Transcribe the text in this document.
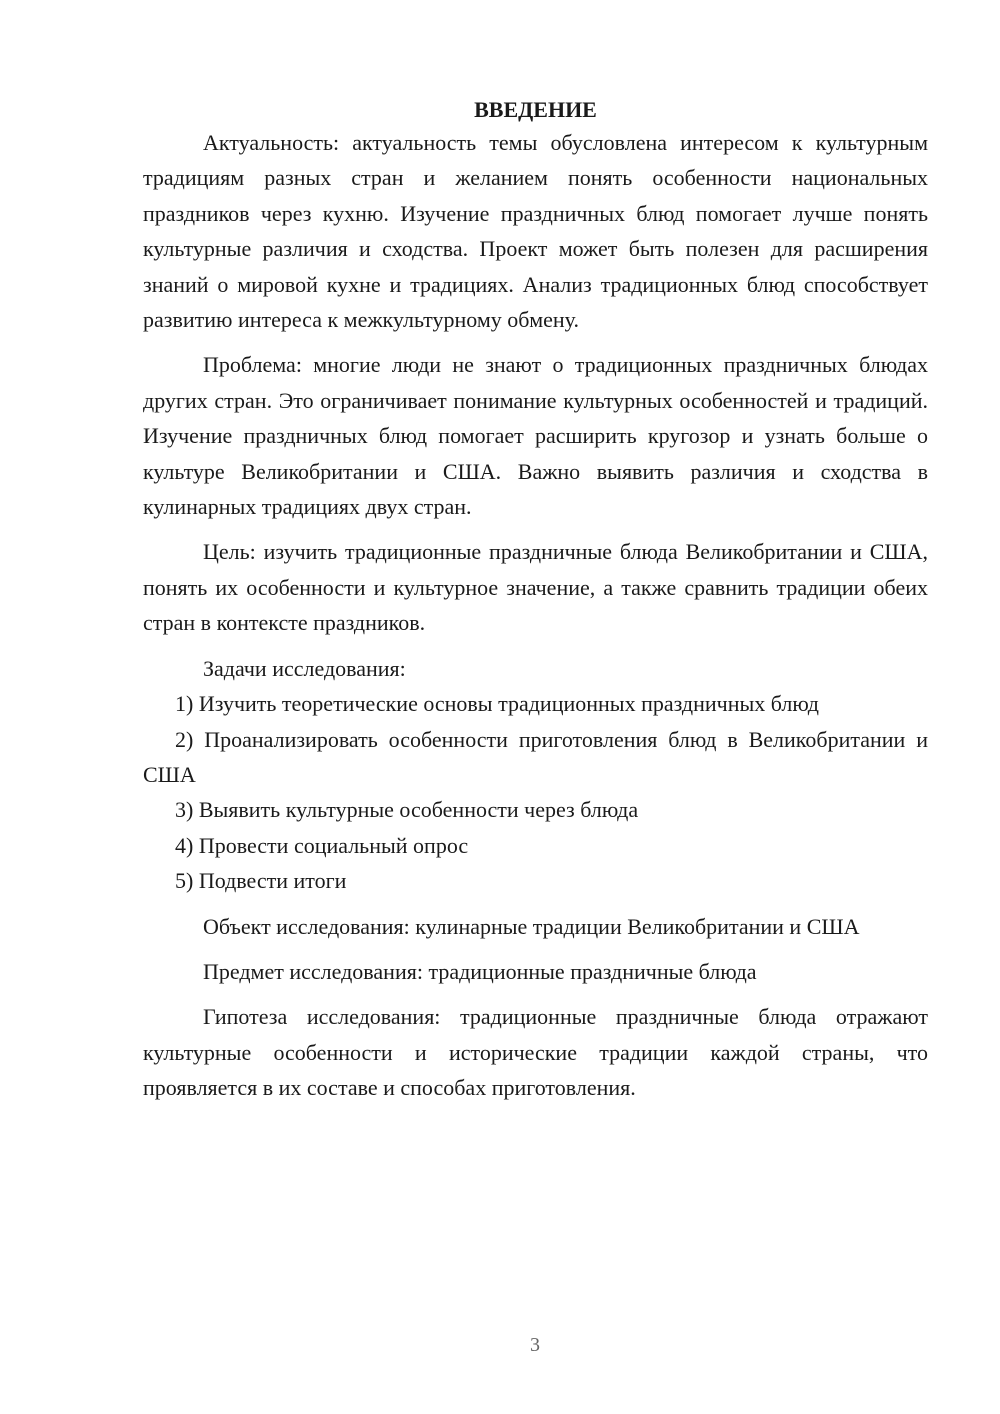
ВВЕДЕНИЕ

Актуальность: актуальность темы обусловлена интересом к культурным традициям разных стран и желанием понять особенности национальных праздников через кухню. Изучение праздничных блюд помогает лучше понять культурные различия и сходства. Проект может быть полезен для расширения знаний о мировой кухне и традициях. Анализ традиционных блюд способствует развитию интереса к межкультурному обмену.

Проблема: многие люди не знают о традиционных праздничных блюдах других стран. Это ограничивает понимание культурных особенностей и традиций. Изучение праздничных блюд помогает расширить кругозор и узнать больше о культуре Великобритании и США. Важно выявить различия и сходства в кулинарных традициях двух стран.

Цель: изучить традиционные праздничные блюда Великобритании и США, понять их особенности и культурное значение, а также сравнить традиции обеих стран в контексте праздников.

Задачи исследования:

1) Изучить теоретические основы традиционных праздничных блюд

2) Проанализировать особенности приготовления блюд в Великобритании и США

3) Выявить культурные особенности через блюда

4) Провести социальный опрос

5) Подвести итоги

Объект исследования: кулинарные традиции Великобритании и США

Предмет исследования: традиционные праздничные блюда

Гипотеза исследования: традиционные праздничные блюда отражают культурные особенности и исторические традиции каждой страны, что проявляется в их составе и способах приготовления.

3
